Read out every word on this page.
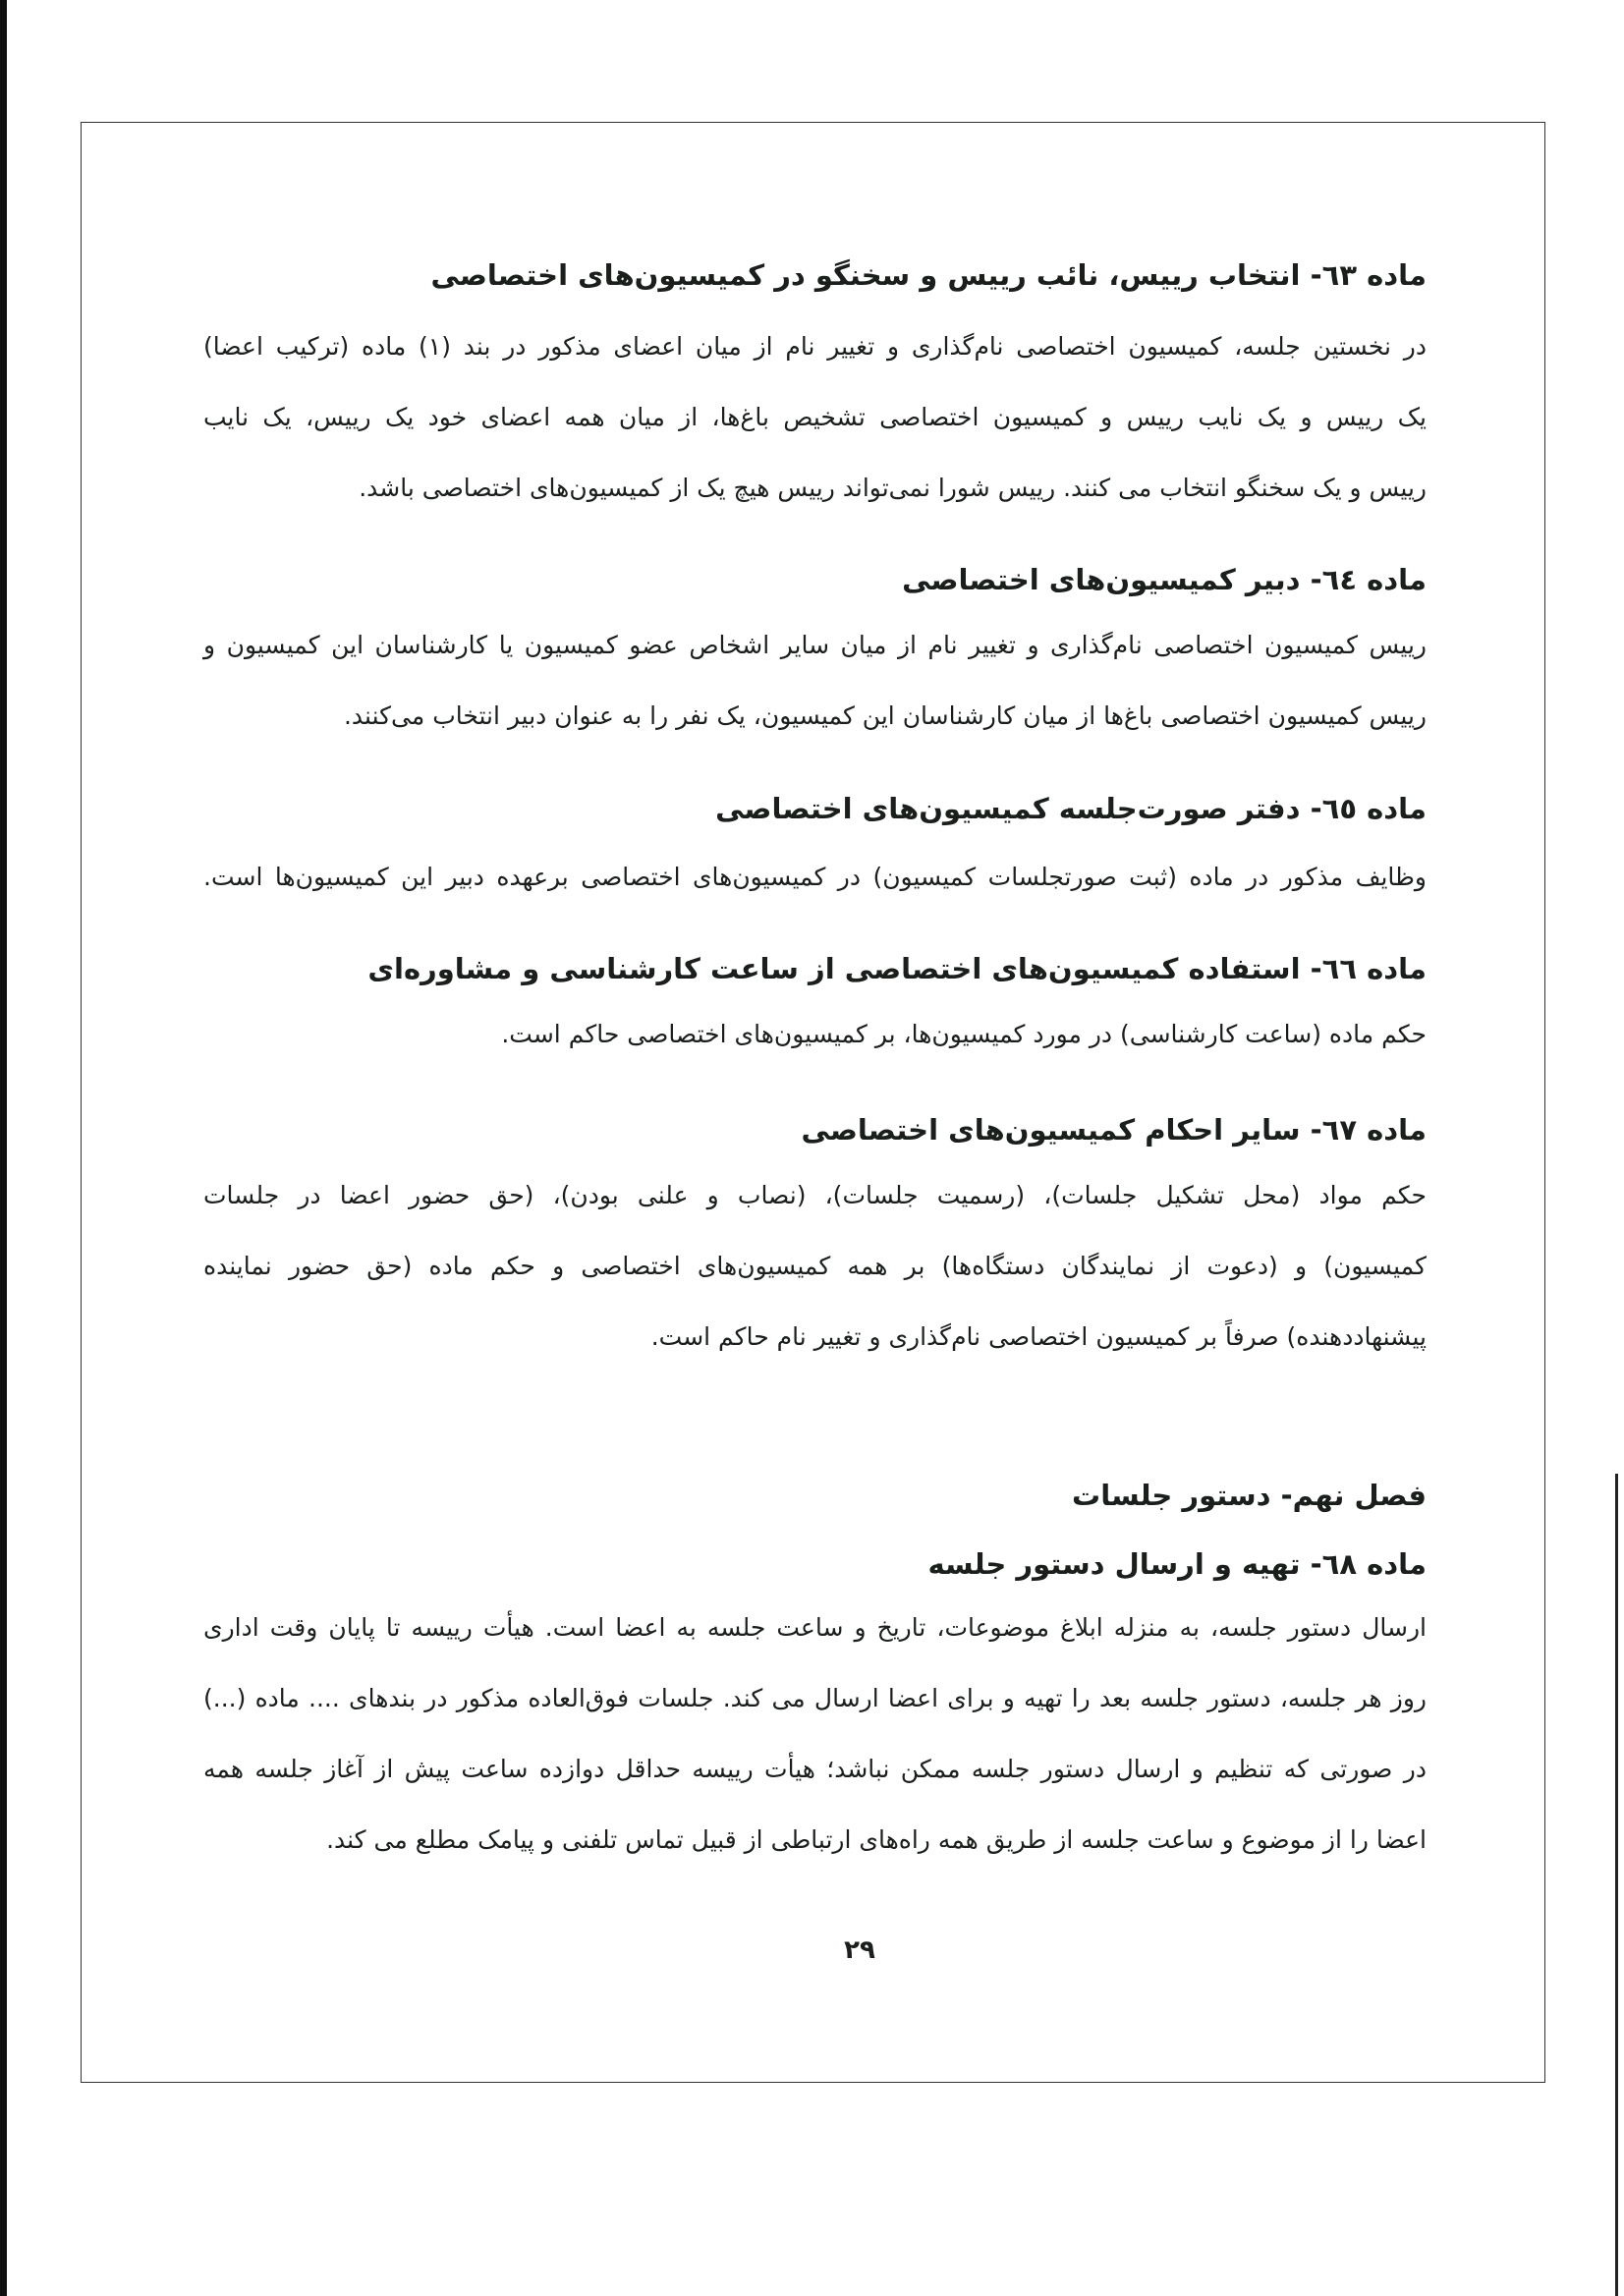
ماده ٦٣- انتخاب رییس، نائب رییس و سخنگو در کمیسیون‌های اختصاصی
در نخستین جلسه، کمیسیون اختصاصی نام‌گذاری و تغییر نام از میان اعضای مذکور در بند (۱) ماده (ترکیب اعضا)
یک رییس و یک نایب رییس و کمیسیون اختصاصی تشخیص باغ‌ها، از میان همه اعضای خود یک رییس، یک نایب
رییس و یک سخنگو انتخاب می کنند. رییس شورا نمی‌تواند رییس هیچ یک از کمیسیون‌های اختصاصی باشد.
ماده ٦٤- دبیر کمیسیون‌های اختصاصی
رییس کمیسیون اختصاصی نام‌گذاری و تغییر نام از میان سایر اشخاص عضو کمیسیون یا کارشناسان این کمیسیون و
رییس کمیسیون اختصاصی باغ‌ها از میان کارشناسان این کمیسیون، یک نفر را به عنوان دبیر انتخاب می‌کنند.
ماده ٦٥- دفتر صورت‌جلسه کمیسیون‌های اختصاصی
وظایف مذکور در ماده (ثبت صورتجلسات کمیسیون) در کمیسیون‌های اختصاصی برعهده دبیر این کمیسیون‌ها است.
ماده ٦٦- استفاده کمیسیون‌های اختصاصی از ساعت کارشناسی و مشاوره‌ای
حکم ماده (ساعت کارشناسی) در مورد کمیسیون‌ها، بر کمیسیون‌های اختصاصی حاکم است.
ماده ٦٧- سایر احکام کمیسیون‌های اختصاصی
حکم مواد (محل تشکیل جلسات)، (رسمیت جلسات)، (نصاب و علنی بودن)، (حق حضور اعضا در جلسات
کمیسیون) و (دعوت از نمایندگان دستگاه‌ها) بر همه کمیسیون‌های اختصاصی و حکم ماده (حق حضور نماینده
پیشنهاددهنده) صرفاً بر کمیسیون اختصاصی نام‌گذاری و تغییر نام حاکم است.
فصل نهم- دستور جلسات
ماده ٦٨- تهیه و ارسال دستور جلسه
ارسال دستور جلسه، به منزله ابلاغ موضوعات، تاریخ و ساعت جلسه به اعضا است. هیأت رییسه تا پایان وقت اداری
روز هر جلسه، دستور جلسه بعد را تهیه و برای اعضا ارسال می کند. جلسات فوق‌العاده مذکور در بندهای .... ماده (...)
در صورتی که تنظیم و ارسال دستور جلسه ممکن نباشد؛ هیأت رییسه حداقل دوازده ساعت پیش از آغاز جلسه همه
اعضا را از موضوع و ساعت جلسه از طریق همه راه‌های ارتباطی از قبیل تماس تلفنی و پیامک مطلع می کند.
۲۹
